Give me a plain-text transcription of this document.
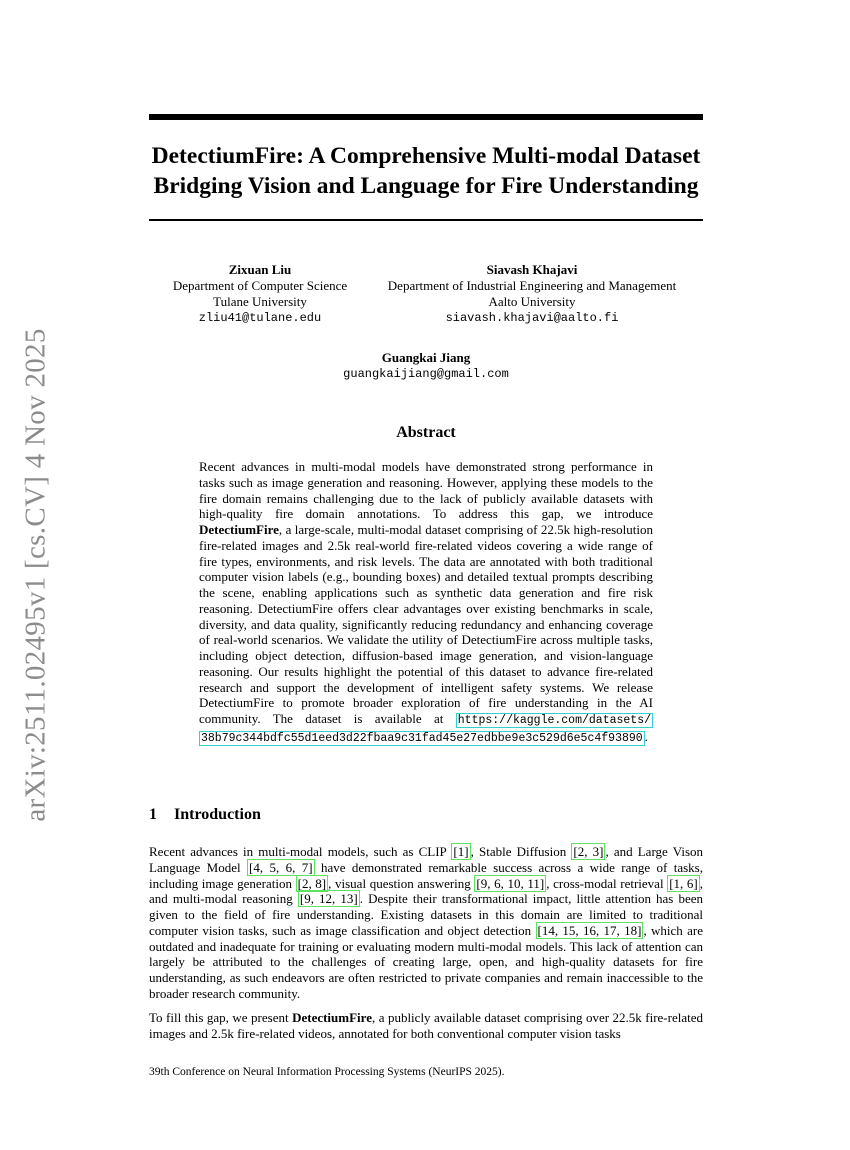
arXiv:2511.02495v1 [cs.CV] 4 Nov 2025
DetectiumFire: A Comprehensive Multi-modal Dataset
Bridging Vision and Language for Fire Understanding
Zixuan Liu
Department of Computer Science
Tulane University
zliu41@tulane.edu
Siavash Khajavi
Department of Industrial Engineering and Management
Aalto University
siavash.khajavi@aalto.fi
Guangkai Jiang
guangkaijiang@gmail.com
Abstract

Recent advances in multi-modal models have demonstrated strong performance in tasks such as image generation and reasoning. However, applying these models to the fire domain remains challenging due to the lack of publicly available datasets with high-quality fire domain annotations. To address this gap, we introduce DetectiumFire, a large-scale, multi-modal dataset comprising of 22.5k high-resolution fire-related images and 2.5k real-world fire-related videos covering a wide range of fire types, environments, and risk levels. The data are annotated with both traditional computer vision labels (e.g., bounding boxes) and detailed textual prompts describing the scene, enabling applications such as synthetic data generation and fire risk reasoning. DetectiumFire offers clear advantages over existing benchmarks in scale, diversity, and data quality, significantly reducing redundancy and enhancing coverage of real-world scenarios. We validate the utility of DetectiumFire across multiple tasks, including object detection, diffusion-based image generation, and vision-language reasoning. Our results highlight the potential of this dataset to advance fire-related research and support the development of intelligent safety systems. We release DetectiumFire to promote broader exploration of fire understanding in the AI community. The dataset is available at https://kaggle.com/datasets/ 38b79c344bdfc55d1eed3d22fbaa9c31fad45e27edbbe9e3c529d6e5c4f93890 .

1 Introduction

Recent advances in multi-modal models, such as CLIP [1] , Stable Diffusion [2, 3] , and Large Vison Language Model [4, 5, 6, 7] have demonstrated remarkable success across a wide range of tasks, including image generation [2, 8] , visual question answering [9, 6, 10, 11] , cross-modal retrieval [1, 6] , and multi-modal reasoning [9, 12, 13] . Despite their transformational impact, little attention has been given to the field of fire understanding. Existing datasets in this domain are limited to traditional computer vision tasks, such as image classification and object detection [14, 15, 16, 17, 18] , which are outdated and inadequate for training or evaluating modern multi-modal models. This lack of attention can largely be attributed to the challenges of creating large, open, and high-quality datasets for fire understanding, as such endeavors are often restricted to private companies and remain inaccessible to the broader research community.

To fill this gap, we present DetectiumFire, a publicly available dataset comprising over 22.5k fire-related images and 2.5k fire-related videos, annotated for both conventional computer vision tasks

39th Conference on Neural Information Processing Systems (NeurIPS 2025).
